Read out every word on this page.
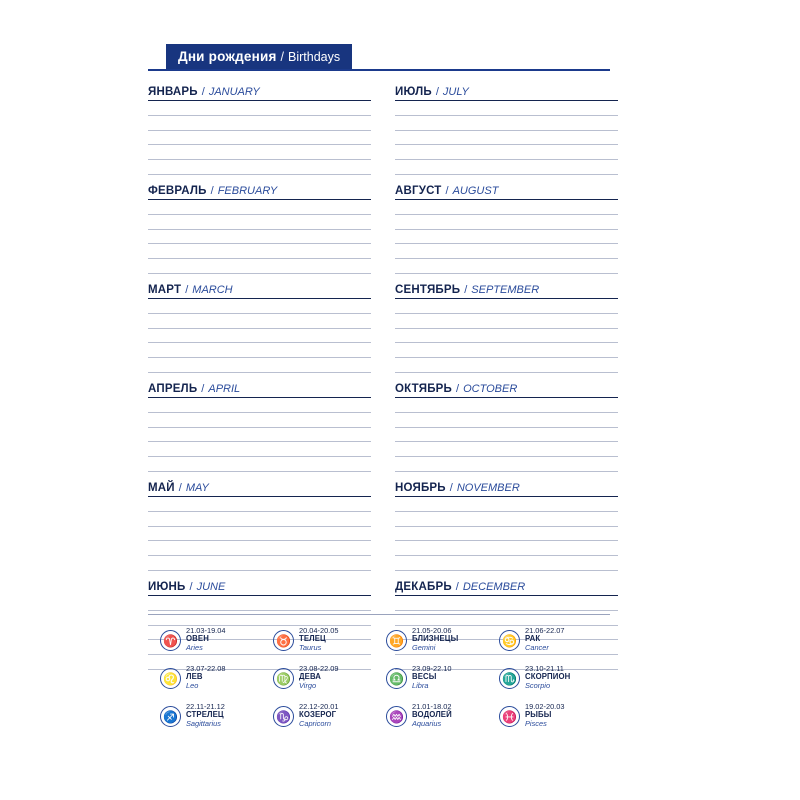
Дни рождения / Birthdays
ЯНВАРЬ / JANUARY
ФЕВРАЛЬ / FEBRUARY
МАРТ / MARCH
АПРЕЛЬ / APRIL
МАЙ / MAY
ИЮНЬ / JUNE
ИЮЛЬ / JULY
АВГУСТ / AUGUST
СЕНТЯБРЬ / SEPTEMBER
ОКТЯБРЬ / OCTOBER
НОЯБРЬ / NOVEMBER
ДЕКАБРЬ / DECEMBER
♈
21.03-19.04
ОВЕН
Aries	♉
20.04-20.05
ТЕЛЕЦ
Taurus	♊
21.05-20.06
БЛИЗНЕЦЫ
Gemini	♋
21.06-22.07
РАК
Cancer
♌
23.07-22.08
ЛЕВ
Leo	♍
23.08-22.09
ДЕВА
Virgo	♎
23.09-22.10
ВЕСЫ
Libra	♏
23.10-21.11
СКОРПИОН
Scorpio
♐
22.11-21.12
СТРЕЛЕЦ
Sagittarius	♑
22.12-20.01
КОЗЕРОГ
Capricorn	♒
21.01-18.02
ВОДОЛЕЙ
Aquarius	♓
19.02-20.03
РЫБЫ
Pisces
